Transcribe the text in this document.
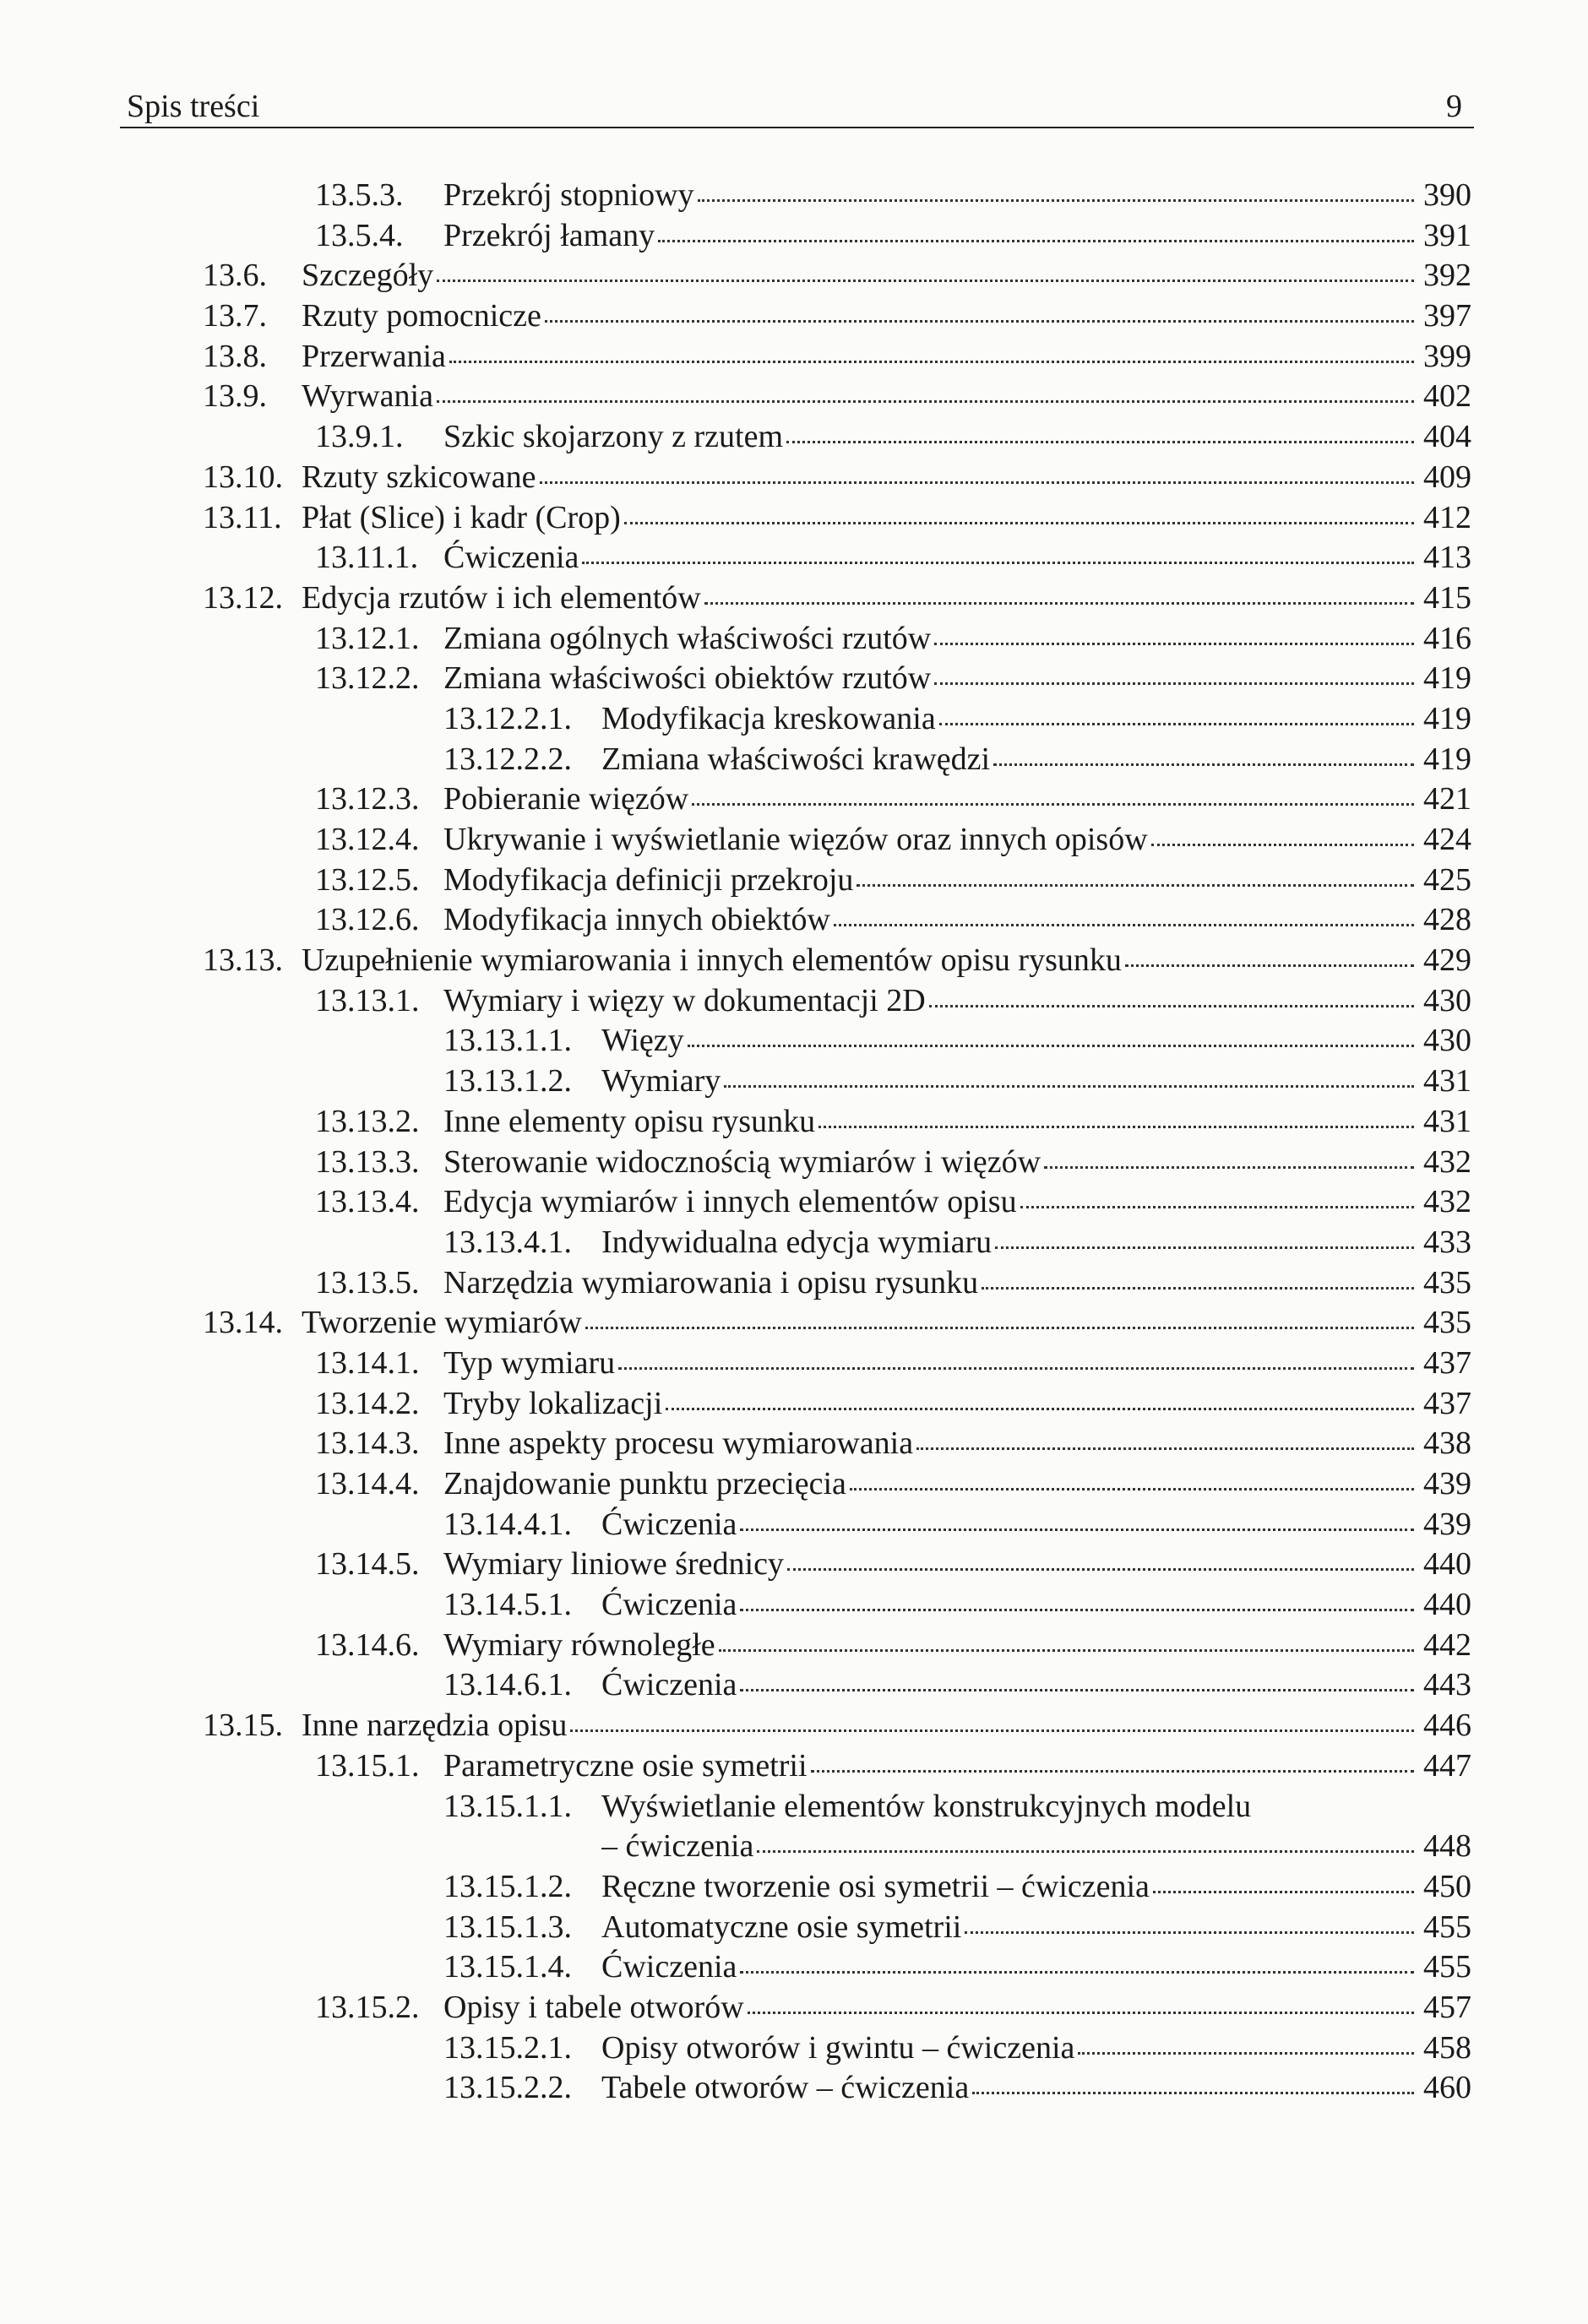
Spis treści	9
13.5.3.	Przekrój stopniowy	390
13.5.4.	Przekrój łamany	391
13.6.	Szczegóły	392
13.7.	Rzuty pomocnicze	397
13.8.	Przerwania	399
13.9.	Wyrwania	402
13.9.1.	Szkic skojarzony z rzutem	404
13.10. Rzuty szkicowane	409
13.11. Płat (Slice) i kadr (Crop)	412
13.11.1. Ćwiczenia	413
13.12. Edycja rzutów i ich elementów	415
13.12.1. Zmiana ogólnych właściwości rzutów	416
13.12.2. Zmiana właściwości obiektów rzutów	419
13.12.2.1. Modyfikacja kreskowania	419
13.12.2.2. Zmiana właściwości krawędzi	419
13.12.3. Pobieranie więzów	421
13.12.4. Ukrywanie i wyświetlanie więzów oraz innych opisów	424
13.12.5. Modyfikacja definicji przekroju	425
13.12.6. Modyfikacja innych obiektów	428
13.13. Uzupełnienie wymiarowania i innych elementów opisu rysunku	429
13.13.1. Wymiary i więzy w dokumentacji 2D	430
13.13.1.1. Więzy	430
13.13.1.2. Wymiary	431
13.13.2. Inne elementy opisu rysunku	431
13.13.3. Sterowanie widocznością wymiarów i więzów	432
13.13.4. Edycja wymiarów i innych elementów opisu	432
13.13.4.1. Indywidualna edycja wymiaru	433
13.13.5. Narzędzia wymiarowania i opisu rysunku	435
13.14. Tworzenie wymiarów	435
13.14.1. Typ wymiaru	437
13.14.2. Tryby lokalizacji	437
13.14.3. Inne aspekty procesu wymiarowania	438
13.14.4. Znajdowanie punktu przecięcia	439
13.14.4.1. Ćwiczenia	439
13.14.5. Wymiary liniowe średnicy	440
13.14.5.1. Ćwiczenia	440
13.14.6. Wymiary równoległe	442
13.14.6.1. Ćwiczenia	443
13.15. Inne narzędzia opisu	446
13.15.1. Parametryczne osie symetrii	447
13.15.1.1. Wyświetlanie elementów konstrukcyjnych modelu
– ćwiczenia	448
13.15.1.2. Ręczne tworzenie osi symetrii – ćwiczenia	450
13.15.1.3. Automatyczne osie symetrii	455
13.15.1.4. Ćwiczenia	455
13.15.2. Opisy i tabele otworów	457
13.15.2.1. Opisy otworów i gwintu – ćwiczenia	458
13.15.2.2. Tabele otworów – ćwiczenia	460
